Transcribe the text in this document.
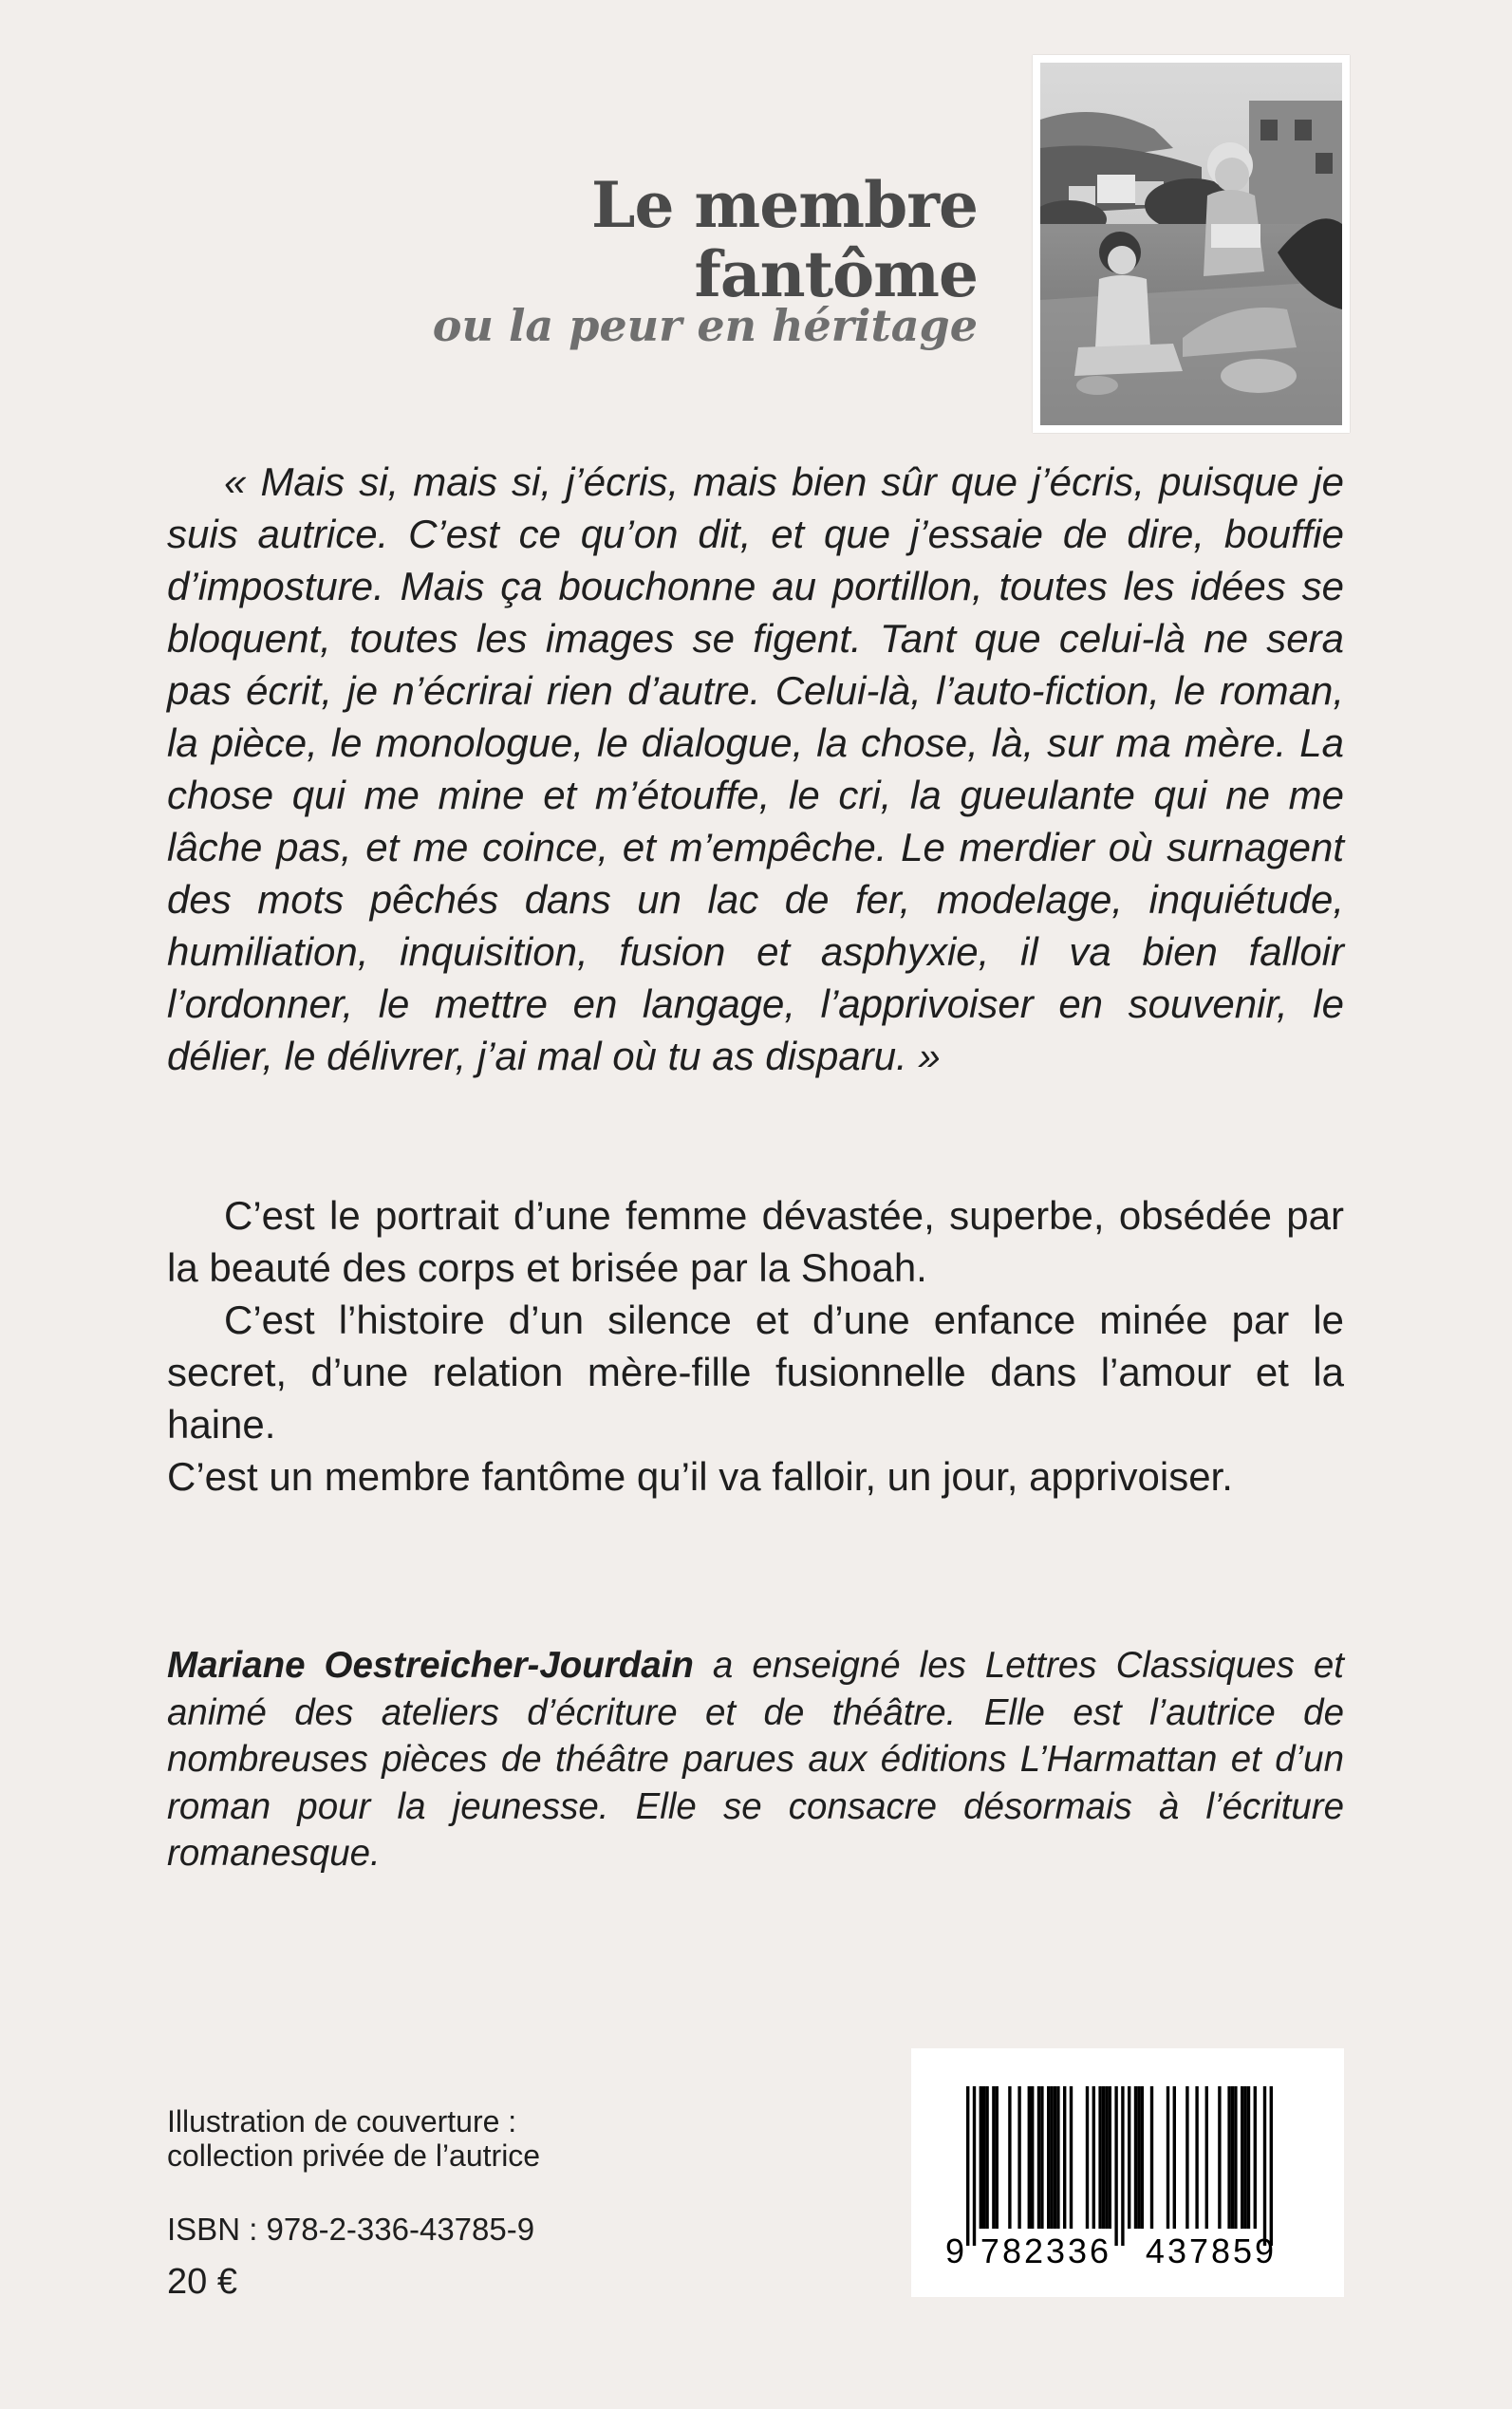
Le membre fantôme
ou la peur en héritage

« Mais si, mais si, j’écris, mais bien sûr que j’écris, puisque je suis autrice. C’est ce qu’on dit, et que j’essaie de dire, bouffie d’imposture. Mais ça bouchonne au portillon, toutes les idées se bloquent, toutes les images se figent. Tant que celui-là ne sera pas écrit, je n’écrirai rien d’autre. Celui-là, l’auto-fiction, le roman, la pièce, le monologue, le dialogue, la chose, là, sur ma mère. La chose qui me mine et m’étouffe, le cri, la gueulante qui ne me lâche pas, et me coince, et m’empêche. Le merdier où surnagent des mots pêchés dans un lac de fer, modelage, inquiétude, humiliation, inquisition, fusion et asphyxie, il va bien falloir l’ordonner, le mettre en langage, l’apprivoiser en souvenir, le délier, le délivrer, j’ai mal où tu as disparu. »

C’est le portrait d’une femme dévastée, superbe, obsédée par la beauté des corps et brisée par la Shoah.

C’est l’histoire d’un silence et d’une enfance minée par le secret, d’une relation mère-fille fusionnelle dans l’amour et la haine.

C’est un membre fantôme qu’il va falloir, un jour, apprivoiser.

Mariane Oestreicher-Jourdain a enseigné les Lettres Classiques et animé des ateliers d’écriture et de théâtre. Elle est l’autrice de nombreuses pièces de théâtre parues aux éditions L’Harmattan et d’un roman pour la jeunesse. Elle se consacre désormais à l’écriture romanesque.
Illustration de couverture :
collection privée de l’autrice
ISBN : 978-2-336-43785-9
20 €
9 782336 437859
